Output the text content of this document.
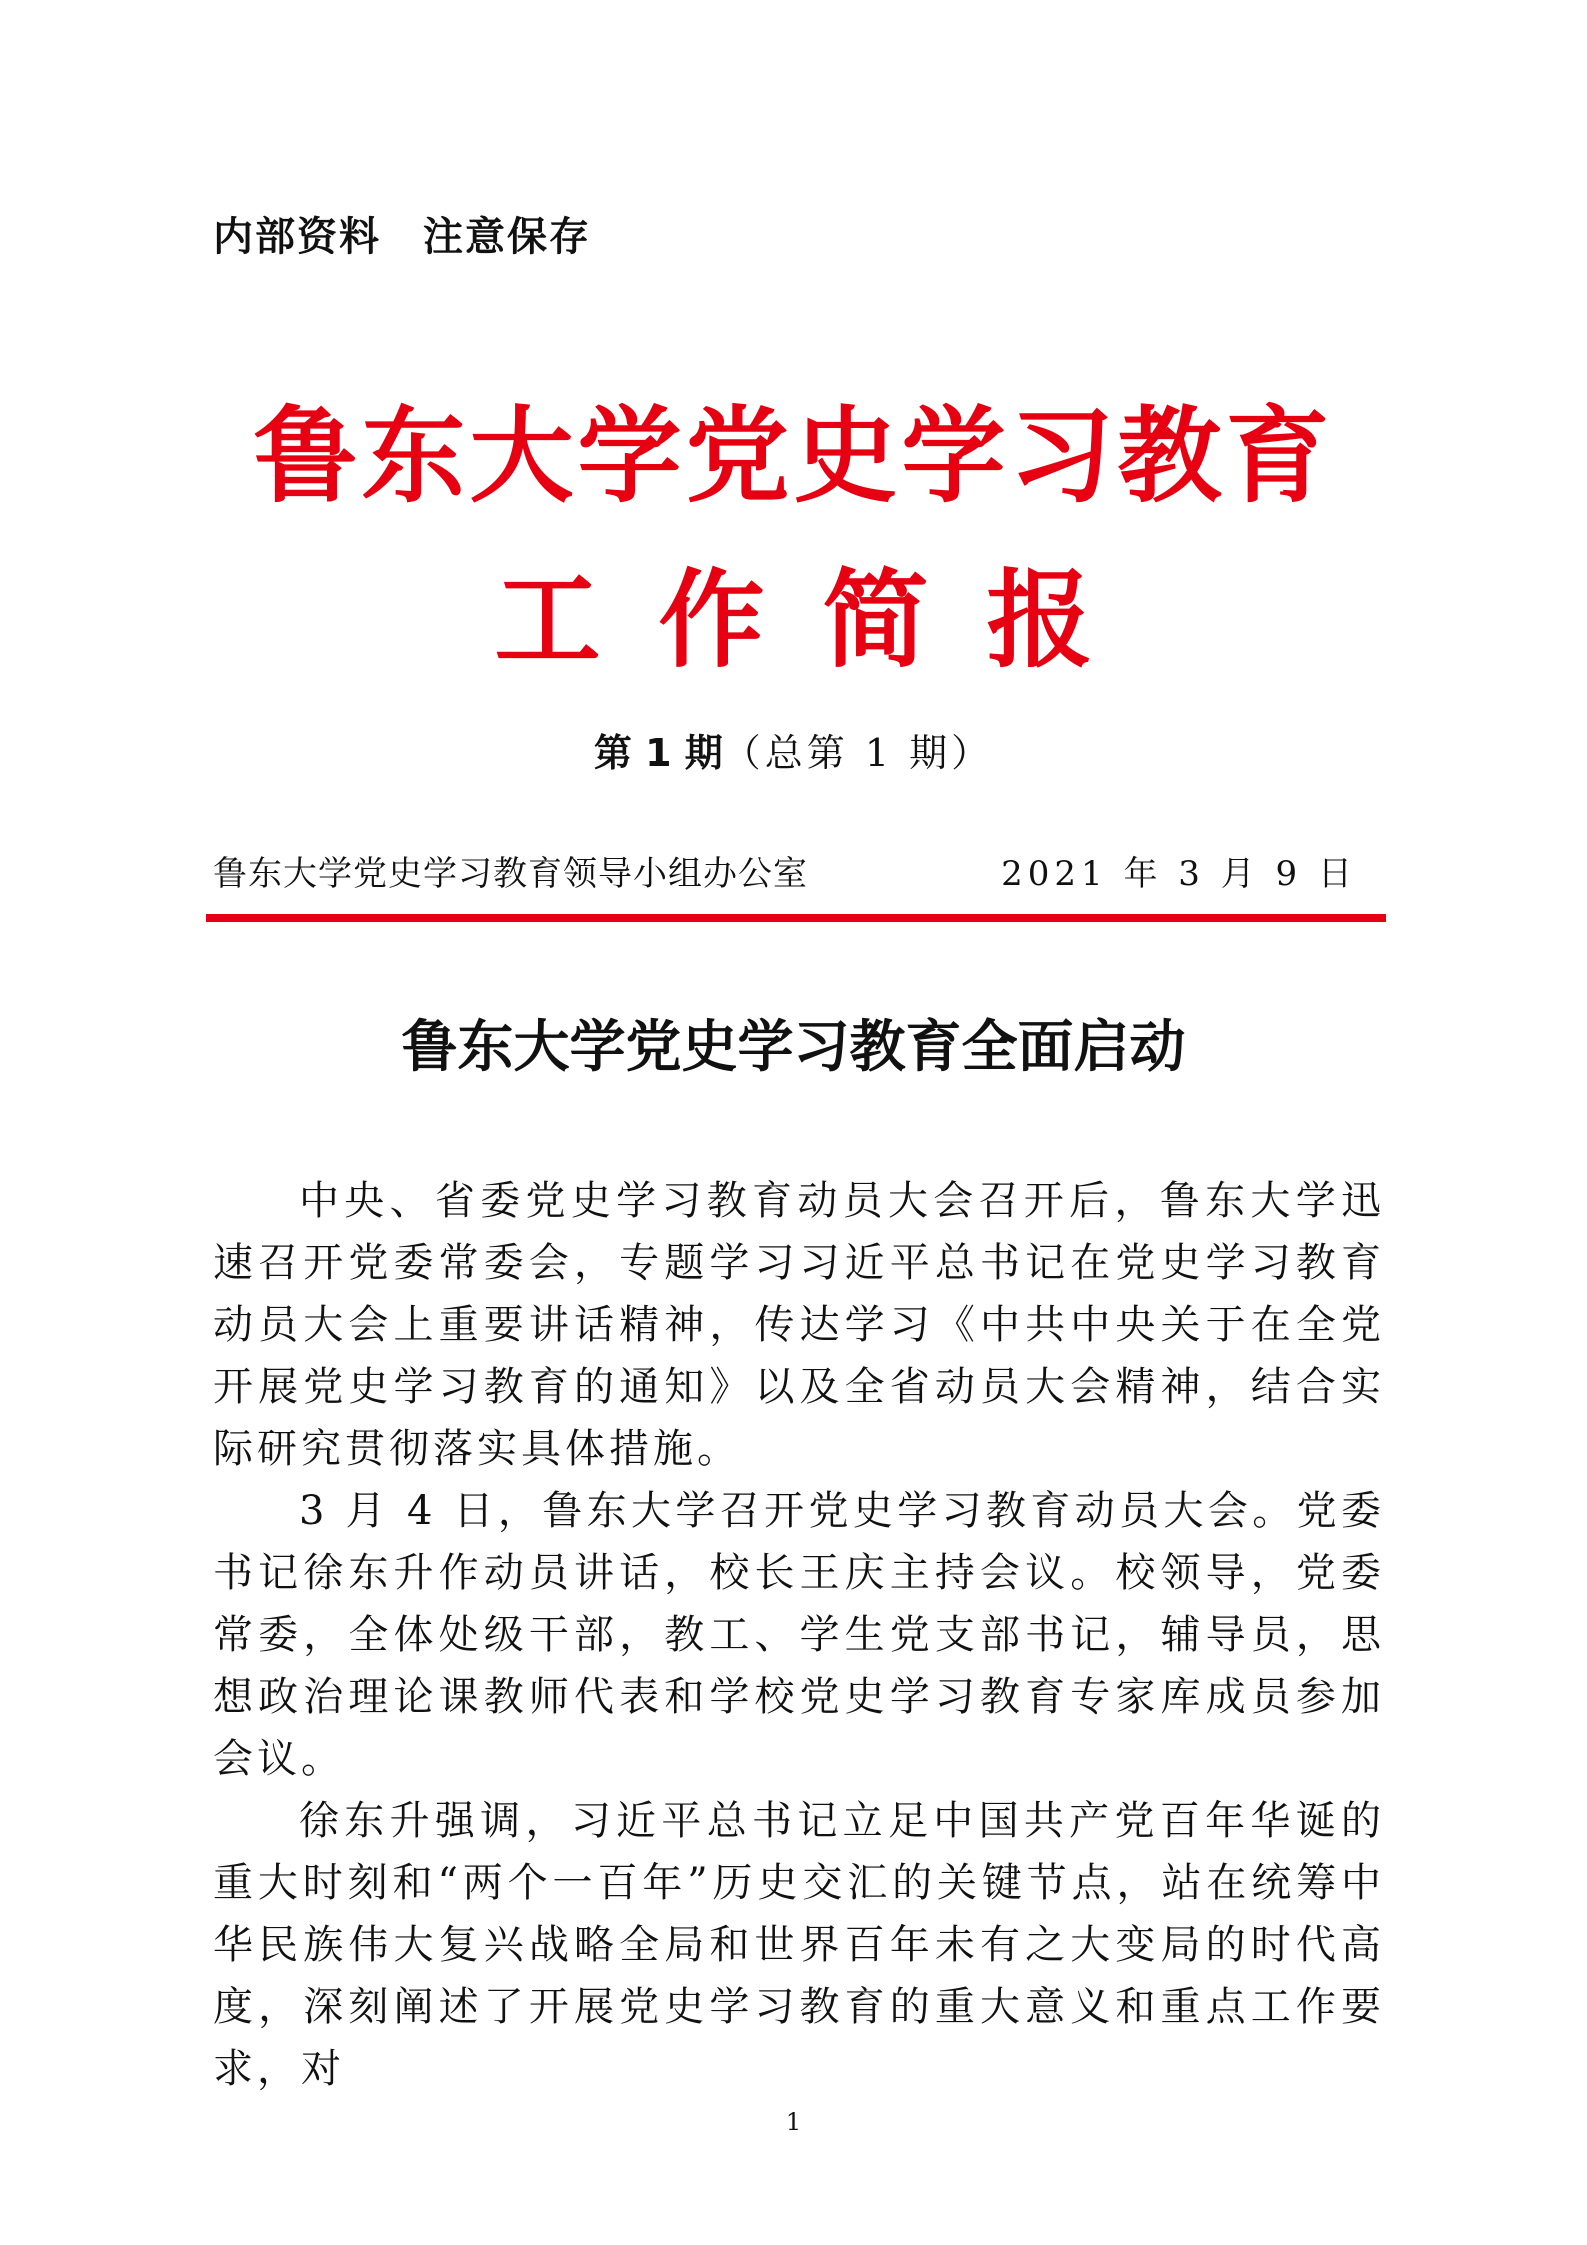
内部资料 注意保存
鲁东大学党史学习教育
工作简报
第 1 期（总第 1 期）
鲁东大学党史学习教育领导小组办公室	2021 年 3 月 9 日
鲁东大学党史学习教育全面启动

中央、省委党史学习教育动员大会召开后，鲁东大学迅速召开党委常委会，专题学习习近平总书记在党史学习教育动员大会上重要讲话精神，传达学习《中共中央关于在全党开展党史学习教育的通知》以及全省动员大会精神，结合实际研究贯彻落实具体措施。

3 月 4 日，鲁东大学召开党史学习教育动员大会。党委书记徐东升作动员讲话，校长王庆主持会议。校领导，党委常委，全体处级干部，教工、学生党支部书记，辅导员，思想政治理论课教师代表和学校党史学习教育专家库成员参加会议。

徐东升强调，习近平总书记立足中国共产党百年华诞的重大时刻和“两个一百年”历史交汇的关键节点，站在统筹中华民族伟大复兴战略全局和世界百年未有之大变局的时代高度，深刻阐述了开展党史学习教育的重大意义和重点工作要求，对

1
